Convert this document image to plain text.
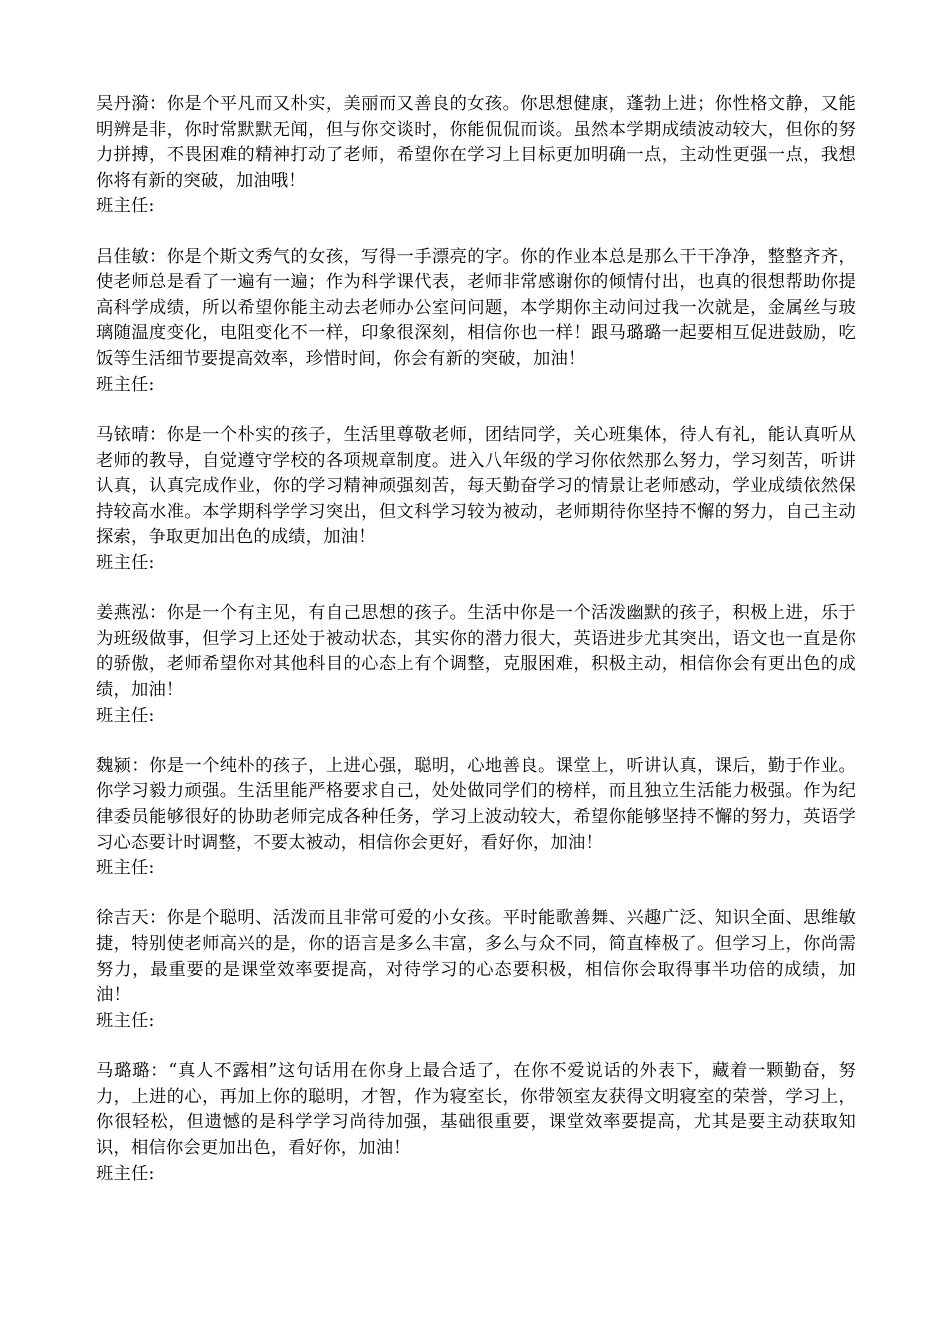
吴丹漪：你是个平凡而又朴实，美丽而又善良的女孩。你思想健康，蓬勃上进；你性格文静，又能明辨是非，你时常默默无闻，但与你交谈时，你能侃侃而谈。虽然本学期成绩波动较大，但你的努力拼搏，不畏困难的精神打动了老师，希望你在学习上目标更加明确一点，主动性更强一点，我想你将有新的突破，加油哦！

班主任:

吕佳敏：你是个斯文秀气的女孩，写得一手漂亮的字。你的作业本总是那么干干净净，整整齐齐，使老师总是看了一遍有一遍；作为科学课代表，老师非常感谢你的倾情付出，也真的很想帮助你提高科学成绩，所以希望你能主动去老师办公室问问题，本学期你主动问过我一次就是，金属丝与玻璃随温度变化，电阻变化不一样，印象很深刻，相信你也一样！跟马璐璐一起要相互促进鼓励，吃饭等生活细节要提高效率，珍惜时间，你会有新的突破，加油！

班主任:

马铱晴：你是一个朴实的孩子，生活里尊敬老师，团结同学，关心班集体，待人有礼，能认真听从老师的教导，自觉遵守学校的各项规章制度。进入八年级的学习你依然那么努力，学习刻苦，听讲认真，认真完成作业，你的学习精神顽强刻苦，每天勤奋学习的情景让老师感动，学业成绩依然保持较高水准。本学期科学学习突出，但文科学习较为被动，老师期待你坚持不懈的努力，自己主动探索，争取更加出色的成绩，加油！

班主任:

姜燕泓：你是一个有主见，有自己思想的孩子。生活中你是一个活泼幽默的孩子，积极上进，乐于为班级做事，但学习上还处于被动状态，其实你的潜力很大，英语进步尤其突出，语文也一直是你的骄傲，老师希望你对其他科目的心态上有个调整，克服困难，积极主动，相信你会有更出色的成绩，加油！

班主任:

魏颍：你是一个纯朴的孩子，上进心强，聪明，心地善良。课堂上，听讲认真，课后，勤于作业。你学习毅力顽强。生活里能严格要求自己，处处做同学们的榜样，而且独立生活能力极强。作为纪律委员能够很好的协助老师完成各种任务，学习上波动较大，希望你能够坚持不懈的努力，英语学习心态要计时调整，不要太被动，相信你会更好，看好你，加油！

班主任:

徐吉天：你是个聪明、活泼而且非常可爱的小女孩。平时能歌善舞、兴趣广泛、知识全面、思维敏捷，特别使老师高兴的是，你的语言是多么丰富，多么与众不同，简直棒极了。但学习上，你尚需努力，最重要的是课堂效率要提高，对待学习的心态要积极，相信你会取得事半功倍的成绩，加油！

班主任:

马璐璐：“真人不露相”这句话用在你身上最合适了，在你不爱说话的外表下，藏着一颗勤奋，努力，上进的心，再加上你的聪明，才智，作为寝室长，你带领室友获得文明寝室的荣誉，学习上，你很轻松，但遗憾的是科学学习尚待加强，基础很重要，课堂效率要提高，尤其是要主动获取知识，相信你会更加出色，看好你，加油！

班主任:
